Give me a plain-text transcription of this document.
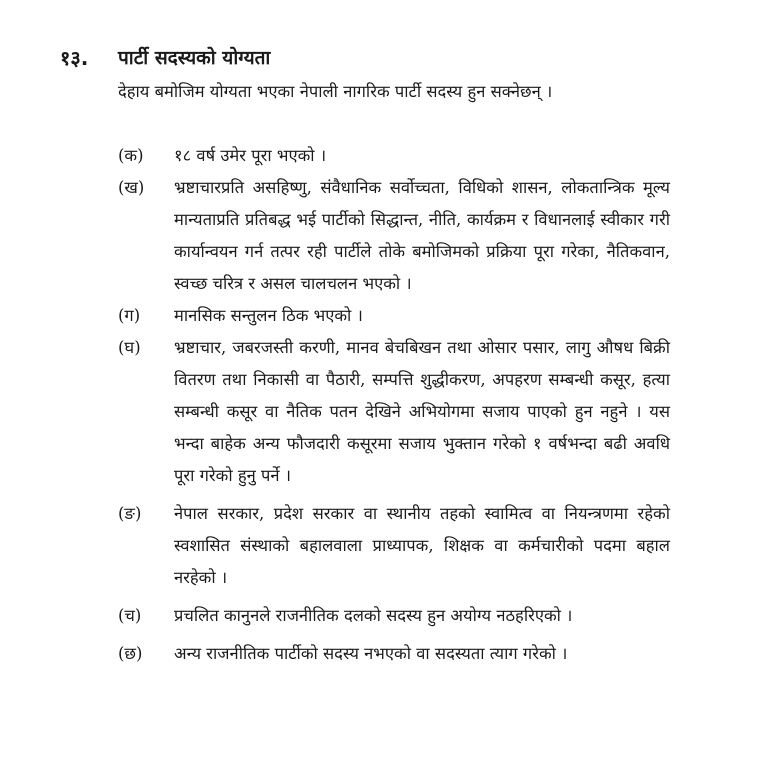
१३.	पार्टी सदस्यको योग्यता
देहाय बमोजिम योग्यता भएका नेपाली नागरिक पार्टी सदस्य हुन सक्नेछन् ।
(क)	१८ वर्ष उमेर पूरा भएको ।
(ख)	भ्रष्टाचारप्रति असहिष्णु, संवैधानिक सर्वोच्चता, विधिको शासन, लोकतान्त्रिक मूल्य मान्यताप्रति प्रतिबद्ध भई पार्टीको सिद्धान्त, नीति, कार्यक्रम र विधानलाई स्वीकार गरी कार्यान्वयन गर्न तत्पर रही पार्टीले तोके बमोजिमको प्रक्रिया पूरा गरेका, नैतिकवान, स्वच्छ चरित्र र असल चालचलन भएको ।
(ग)	मानसिक सन्तुलन ठिक भएको ।
(घ)	भ्रष्टाचार, जबरजस्ती करणी, मानव बेचबिखन तथा ओसार पसार, लागु औषध बिक्री वितरण तथा निकासी वा पैठारी, सम्पत्ति शुद्धीकरण, अपहरण सम्बन्धी कसूर, हत्या सम्बन्धी कसूर वा नैतिक पतन देखिने अभियोगमा सजाय पाएको हुन नहुने । यस भन्दा बाहेक अन्य फौजदारी कसूरमा सजाय भुक्तान गरेको १ वर्षभन्दा बढी अवधि पूरा गरेको हुनु पर्ने ।
(ङ)	नेपाल सरकार, प्रदेश सरकार वा स्थानीय तहको स्वामित्व वा नियन्त्रणमा रहेको स्वशासित संस्थाको बहालवाला प्राध्यापक, शिक्षक वा कर्मचारीको पदमा बहाल नरहेको ।
(च)	प्रचलित कानुनले राजनीतिक दलको सदस्य हुन अयोग्य नठहरिएको ।
(छ)	अन्य राजनीतिक पार्टीको सदस्य नभएको वा सदस्यता त्याग गरेको ।
